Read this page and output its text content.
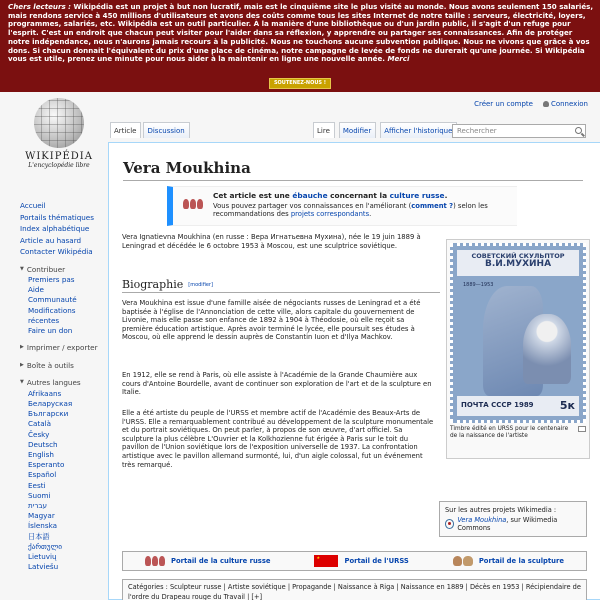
Chers lecteurs : Wikipédia est un projet à but non lucratif, mais est le cinquième site le plus visité au monde. Nous avons seulement 150 salariés, mais rendons service à 450 millions d'utilisateurs et avons des coûts comme tous les sites Internet de notre taille : serveurs, électricité, loyers, programmes, salariés, etc. Wikipédia est un outil particulier. À la manière d'une bibliothèque ou d'un jardin public, il s'agit d'un refuge pour l'esprit. C'est un endroit que chacun peut visiter pour l'aider dans sa réflexion, y apprendre ou partager ses connaissances. Afin de protéger notre indépendance, nous n'aurons jamais recours à la publicité. Nous ne touchons aucune subvention publique. Nous ne vivons que grâce à vos dons. Si chacun donnait l'équivalent du prix d'une place de cinéma, notre campagne de levée de fonds ne durerait qu'une journée. Si Wikipédia vous est utile, prenez une minute pour nous aider à la maintenir en ligne une nouvelle année. Merci
SOUTENEZ-NOUS !
Créer un compte	Connexion
WIKIPÉDIA
L'encyclopédie libre
Accueil
Portails thématiques
Index alphabétique
Article au hasard
Contacter Wikipédia
▼ Contribuer
Premiers pas
Aide
Communauté
Modifications récentes
Faire un don
▶ Imprimer / exporter
▶ Boîte à outils
▼ Autres langues
Afrikaans
Беларуская
Български
Català
Česky
Deutsch
English
Esperanto
Español
Eesti
Suomi
עברית
Magyar
Íslenska
日本語
ქართული
Lietuvių
Latviešu
Article	Discussion	Lire	Modifier	Afficher l'historique Rechercher
Vera Moukhina
Cet article est une ébauche concernant la culture russe.
Vous pouvez partager vos connaissances en l'améliorant (comment ?) selon les recommandations des projets correspondants.
Vera Ignatievna Moukhina (en russe : Вера Игнатьевна Мухина), née le 19 juin 1889 à Leningrad et décédée le 6 octobre 1953 à Moscou, est une sculptrice soviétique.
Biographie [modifier]
Vera Moukhina est issue d'une famille aisée de négociants russes de Leningrad et a été baptisée à l'église de l'Annonciation de cette ville, alors capitale du gouvernement de Livonie, mais elle passe son enfance de 1892 à 1904 à Théodosie, où elle reçoit sa première éducation artistique. Après avoir terminé le lycée, elle poursuit ses études à Moscou, où elle apprend le dessin auprès de Constantin Iuon et d'Ilya Machkov.
En 1912, elle se rend à Paris, où elle assiste à l'Académie de la Grande Chaumière aux cours d'Antoine Bourdelle, avant de continuer son exploration de l'art et de la sculpture en Italie.
Elle a été artiste du peuple de l'URSS et membre actif de l'Académie des Beaux-Arts de l'URSS. Elle a remarquablement contribué au développement de la sculpture monumentale et du portrait soviétiques. On peut parler, à propos de son œuvre, d'art officiel. Sa sculpture la plus célèbre L'Ouvrier et la Kolkhozienne fut érigée à Paris sur le toit du pavillon de l'Union soviétique lors de l'exposition universelle de 1937. La confrontation artistique avec le pavillon allemand surmonté, lui, d'un aigle colossal, fut un événement très remarqué.
СОВЕТСКИЙ СКУЛЬПТОР
В.И.МУХИНА
1889—1953
ПОЧТА СССР 1989 5к
Timbre édité en URSS pour le centenaire de la naissance de l'artiste
Sur les autres projets Wikimedia :
Vera Moukhina, sur Wikimedia Commons
Portail de la culture russe
★	Portail de l'URSS	Portail de la sculpture
Catégories : Sculpteur russe | Artiste soviétique | Propagande | Naissance à Riga | Naissance en 1889 | Décès en 1953 | Récipiendaire de l'ordre du Drapeau rouge du Travail | [+]
